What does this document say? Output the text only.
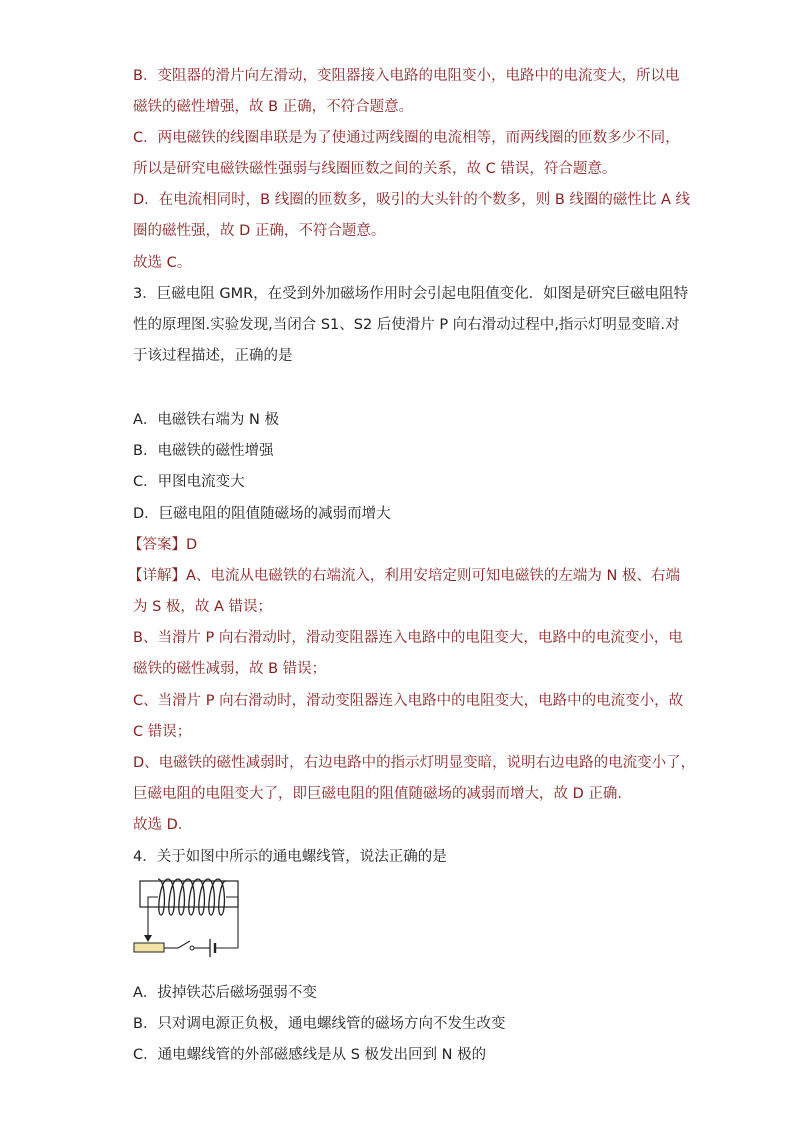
B．变阻器的滑片向左滑动，变阻器接入电路的电阻变小，电路中的电流变大，所以电
磁铁的磁性增强，故 B 正确，不符合题意。
C．两电磁铁的线圈串联是为了使通过两线圈的电流相等，而两线圈的匝数多少不同，
所以是研究电磁铁磁性强弱与线圈匝数之间的关系，故 C 错误，符合题意。
D．在电流相同时，B 线圈的匝数多，吸引的大头针的个数多，则 B 线圈的磁性比 A 线
圈的磁性强，故 D 正确，不符合题意。
故选 C。
3．巨磁电阻 GMR，在受到外加磁场作用时会引起电阻值变化．如图是研究巨磁电阻特
性的原理图.实验发现,当闭合 S1、S2 后使滑片 P 向右滑动过程中,指示灯明显变暗.对
于该过程描述，正确的是
A．电磁铁右端为 N 极
B．电磁铁的磁性增强
C．甲图电流变大
D．巨磁电阻的阻值随磁场的减弱而增大
【答案】D
【详解】A、电流从电磁铁的右端流入，利用安培定则可知电磁铁的左端为 N 极、右端
为 S 极，故 A 错误；
B、当滑片 P 向右滑动时，滑动变阻器连入电路中的电阻变大，电路中的电流变小，电
磁铁的磁性减弱，故 B 错误；
C、当滑片 P 向右滑动时，滑动变阻器连入电路中的电阻变大，电路中的电流变小，故
C 错误；
D、电磁铁的磁性减弱时，右边电路中的指示灯明显变暗，说明右边电路的电流变小了，
巨磁电阻的电阻变大了，即巨磁电阻的阻值随磁场的减弱而增大，故 D 正确．
故选 D．
4．关于如图中所示的通电螺线管，说法正确的是
A．拔掉铁芯后磁场强弱不变
B．只对调电源正负极，通电螺线管的磁场方向不发生改变
C．通电螺线管的外部磁感线是从 S 极发出回到 N 极的
